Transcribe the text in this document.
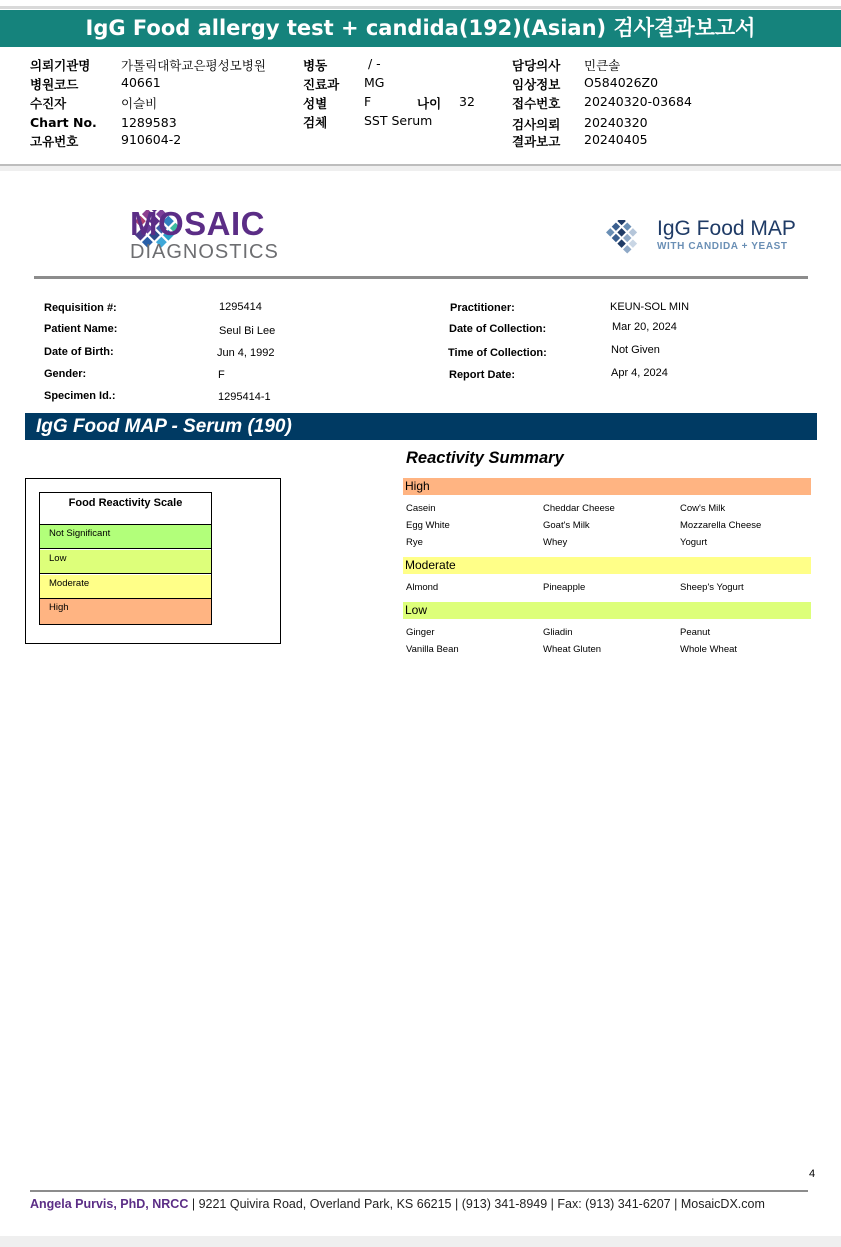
IgG Food allergy test + candida(192)(Asian) 검사결과보고서
의뢰기관명 가톨릭대학교은평성모병원
병원코드	40661
수진자	이슬비
Chart No. 1289583
고유번호	910604-2
병동	/ -
진료과 MG
성별	F	나이 32
검체	SST Serum
담당의사 민큰솔
임상정보 O584026Z0
접수번호 20240320-03684
검사의뢰 20240320
결과보고 20240405
MOSAIC
DIAGNOSTICS
IgG Food MAP
WITH CANDIDA + YEAST
Requisition #:	1295414
Patient Name:	Seul Bi Lee
Date of Birth:	Jun 4, 1992
Gender:	F
Specimen Id.:	1295414-1
Practitioner:	KEUN-SOL MIN
Date of Collection:	Mar 20, 2024
Time of Collection:	Not Given
Report Date:	Apr 4, 2024
IgG Food MAP - Serum (190)
Food Reactivity Scale
Not Significant
Low
Moderate
High
Reactivity Summary
High
Casein	Cheddar Cheese	Cow's Milk
Egg White	Goat's Milk	Mozzarella Cheese
Rye	Whey	Yogurt
Moderate
Almond	Pineapple	Sheep's Yogurt
Low
Ginger	Gliadin	Peanut
Vanilla Bean	Wheat Gluten	Whole Wheat
4
Angela Purvis, PhD, NRCC | 9221 Quivira Road, Overland Park, KS 66215 | (913) 341-8949 | Fax: (913) 341-6207 | MosaicDX.com
